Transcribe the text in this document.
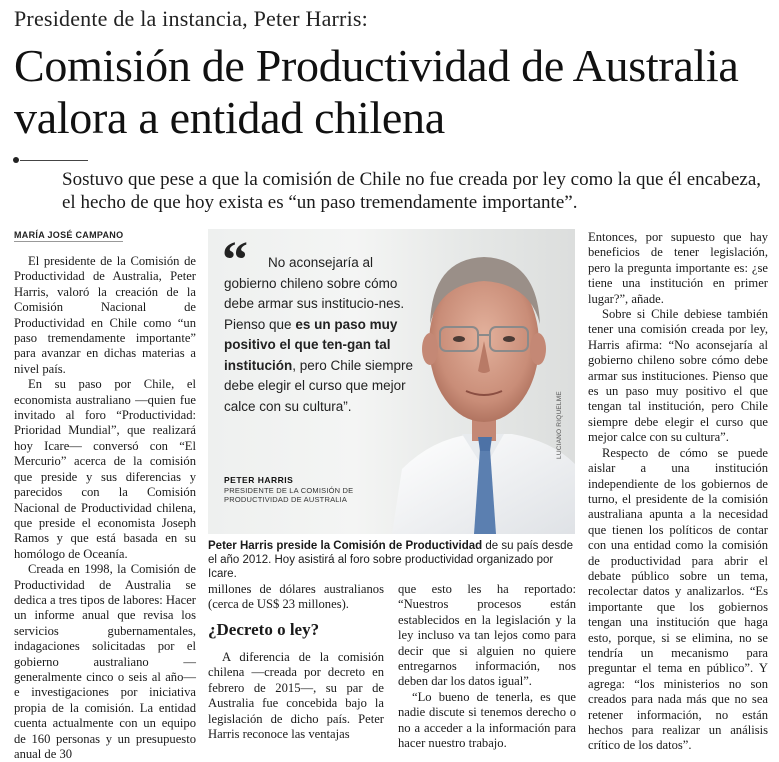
Presidente de la instancia, Peter Harris:
Comisión de Productividad de Australia valora a entidad chilena
Sostuvo que pese a que la comisión de Chile no fue creada por ley como la que él encabeza, el hecho de que hoy exista es “un paso tremendamente importante”.
MARÍA JOSÉ CAMPANO

El presidente de la Comisión de Productividad de Australia, Peter Harris, valoró la creación de la Comisión Nacional de Productividad en Chile como “un paso tremendamente importante” para avanzar en dichas materias a nivel país.

En su paso por Chile, el economista australiano —quien fue invitado al foro “Productividad: Prioridad Mundial”, que realizará hoy Icare— conversó con “El Mercurio” acerca de la comisión que preside y sus diferencias y parecidos con la Comisión Nacional de Productividad chilena, que preside el economista Joseph Ramos y que está basada en su homólogo de Oceanía.

Creada en 1998, la Comisión de Productividad de Australia se dedica a tres tipos de labores: Hacer un informe anual que revisa los servicios gubernamentales, indagaciones solicitadas por el gobierno australiano —generalmente cinco o seis al año— e investigaciones por iniciativa propia de la comisión. La entidad cuenta actualmente con un equipo de 160 personas y un presupuesto anual de 30

“	No aconsejaría al gobierno chileno sobre cómo debe armar sus institucio-nes. Pienso que es un paso muy positivo el que ten-gan tal institución, pero Chile siempre debe elegir el curso que mejor calce con su cultura”.
PETER HARRIS
PRESIDENTE DE LA COMISIÓN DE PRODUCTIVIDAD DE AUSTRALIA
LUCIANO RIQUELME
Peter Harris preside la Comisión de Productividad de su país desde el año 2012. Hoy asistirá al foro sobre productividad organizado por Icare.

millones de dólares australianos (cerca de US$ 23 millones).

¿Decreto o ley?

A diferencia de la comisión chilena —creada por decreto en febrero de 2015—, su par de Australia fue concebida bajo la legislación de dicho país. Peter Harris reconoce las ventajas

que esto les ha reportado: “Nuestros procesos están establecidos en la legislación y la ley incluso va tan lejos como para decir que si alguien no quiere entregarnos información, nos deben dar los datos igual”.

“Lo bueno de tenerla, es que nadie discute si tenemos derecho o no a acceder a la información para hacer nuestro trabajo.

Entonces, por supuesto que hay beneficios de tener legislación, pero la pregunta importante es: ¿se tiene una institución en primer lugar?”, añade.

Sobre si Chile debiese también tener una comisión creada por ley, Harris afirma: “No aconsejaría al gobierno chileno sobre cómo debe armar sus instituciones. Pienso que es un paso muy positivo el que tengan tal institución, pero Chile siempre debe elegir el curso que mejor calce con su cultura”.

Respecto de cómo se puede aislar a una institución independiente de los gobiernos de turno, el presidente de la comisión australiana apunta a la necesidad que tienen los políticos de contar con una entidad como la comisión de productividad para abrir el debate público sobre un tema, recolectar datos y analizarlos. “Es importante que los gobiernos tengan una institución que haga esto, porque, si se elimina, no se tendría un mecanismo para preguntar el tema en público”. Y agrega: “los ministerios no son creados para nada más que no sea retener información, no están hechos para realizar un análisis crítico de los datos”.
